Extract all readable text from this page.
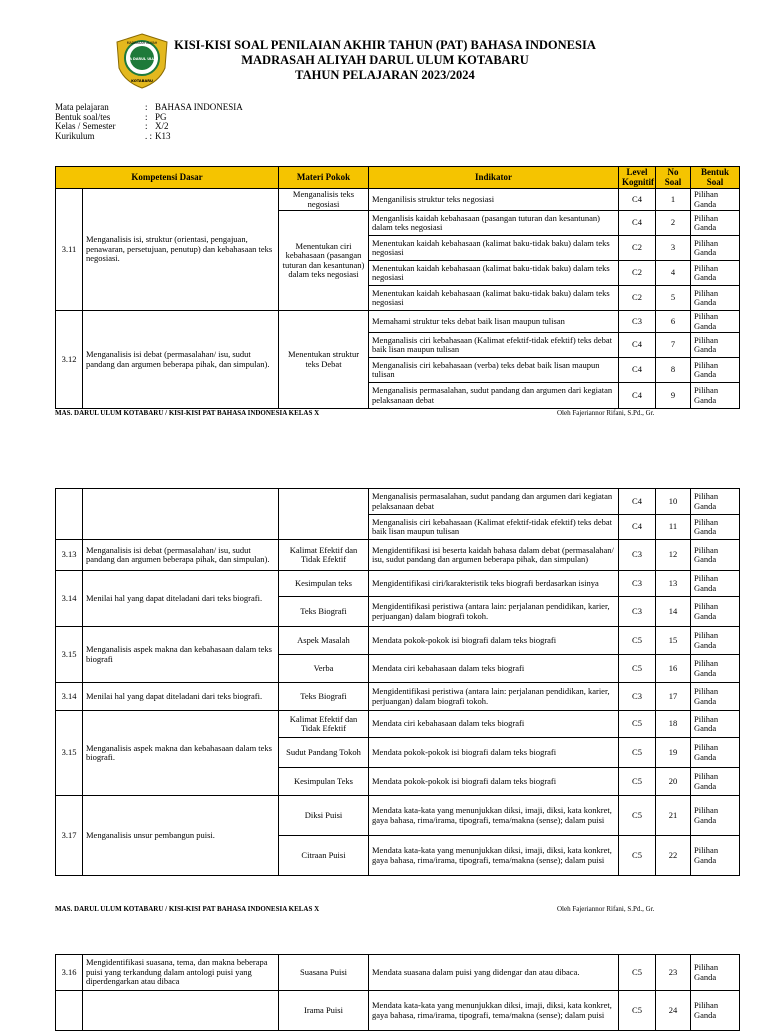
MADRASAH ALIYAH
MA DARUL ULUM
KOTABARU
KISI-KISI SOAL PENILAIAN AKHIR TAHUN (PAT) BAHASA INDONESIA
MADRASAH ALIYAH DARUL ULUM KOTABARU
TAHUN PELAJARAN 2023/2024
Mata pelajaran	: BAHASA INDONESIA
Bentuk soal/tes	: PG
Kelas / Semester	: X/2
Kurikulum	. : K13
Kompetensi Dasar		Materi Pokok	Indikator	Level Kognitif	No Soal	Bentuk Soal
3.11	Menganalisis isi, struktur (orientasi, pengajuan, penawaran, persetujuan, penutup) dan kebahasaan teks negosiasi.	Menganalisis teks negosiasi	Menganilisis struktur teks negosiasi	C4	1	Pilihan Ganda
		Menentukan ciri kebahasaan (pasangan tuturan dan kesantunan) dalam teks negosiasi	Menganlisis kaidah kebahasaan (pasangan tuturan dan kesantunan) dalam teks negosiasi	C4	2	Pilihan Ganda
			Menentukan kaidah kebahasaan (kalimat baku-tidak baku) dalam teks negosiasi	C2	3	Pilihan Ganda
			Menentukan kaidah kebahasaan (kalimat baku-tidak baku) dalam teks negosiasi	C2	4	Pilihan Ganda
			Menentukan kaidah kebahasaan (kalimat baku-tidak baku) dalam teks negosiasi	C2	5	Pilihan Ganda
3.12	Menganalisis isi debat (permasalahan/ isu, sudut pandang dan argumen beberapa pihak, dan simpulan).	Menentukan struktur teks Debat	Memahami struktur teks debat baik lisan maupun tulisan	C3	6	Pilihan Ganda
			Menganalisis ciri kebahasaan (Kalimat efektif-tidak efektif) teks debat baik lisan maupun tulisan	C4	7	Pilihan Ganda
			Menganalisis ciri kebahasaan (verba) teks debat baik lisan maupun tulisan	C4	8	Pilihan Ganda
			Menganalisis permasalahan, sudut pandang dan argumen dari kegiatan pelaksanaan debat	C4	9	Pilihan Ganda
MAS. DARUL ULUM KOTABARU / KISI-KISI PAT BAHASA INDONESIA KELAS X	Oleh Fajeriannor Rifani, S.Pd., Gr.
			Menganalisis permasalahan, sudut pandang dan argumen dari kegiatan pelaksanaan debat	C4	10	Pilihan Ganda
			Menganalisis ciri kebahasaan (Kalimat efektif-tidak efektif) teks debat baik lisan maupun tulisan	C4	11	Pilihan Ganda
3.13	Menganalisis isi debat (permasalahan/ isu, sudut pandang dan argumen beberapa pihak, dan simpulan).	Kalimat Efektif dan Tidak Efektif	Mengidentifikasi isi beserta kaidah bahasa dalam debat (permasalahan/ isu, sudut pandang dan argumen beberapa pihak, dan simpulan)	C3	12	Pilihan Ganda
3.14	Menilai hal yang dapat diteladani dari teks biografi.	Kesimpulan teks	Mengidentifikasi ciri/karakteristik teks biografi berdasarkan isinya	C3	13	Pilihan Ganda
		Teks Biografi	Mengidentifikasi peristiwa (antara lain: perjalanan pendidikan, karier, perjuangan) dalam biografi tokoh.	C3	14	Pilihan Ganda
3.15	Menganalisis aspek makna dan kebahasaan dalam teks biografi	Aspek Masalah	Mendata pokok-pokok isi biografi dalam teks biografi	C5	15	Pilihan Ganda
		Verba	Mendata ciri kebahasaan dalam teks biografi	C5	16	Pilihan Ganda
3.14	Menilai hal yang dapat diteladani dari teks biografi.	Teks Biografi	Mengidentifikasi peristiwa (antara lain: perjalanan pendidikan, karier, perjuangan) dalam biografi tokoh.	C3	17	Pilihan Ganda
3.15	Menganalisis aspek makna dan kebahasaan dalam teks biografi.	Kalimat Efektif dan Tidak Efektif	Mendata ciri kebahasaan dalam teks biografi	C5	18	Pilihan Ganda
		Sudut Pandang Tokoh	Mendata pokok-pokok isi biografi dalam teks biografi	C5	19	Pilihan Ganda
		Kesimpulan Teks	Mendata pokok-pokok isi biografi dalam teks biografi	C5	20	Pilihan Ganda
3.17	Menganalisis unsur pembangun puisi.	Diksi Puisi	Mendata kata-kata yang menunjukkan diksi, imaji, diksi, kata konkret, gaya bahasa, rima/irama, tipografi, tema/makna (sense); dalam puisi	C5	21	Pilihan Ganda
		Citraan Puisi	Mendata kata-kata yang menunjukkan diksi, imaji, diksi, kata konkret, gaya bahasa, rima/irama, tipografi, tema/makna (sense); dalam puisi	C5	22	Pilihan Ganda
MAS. DARUL ULUM KOTABARU / KISI-KISI PAT BAHASA INDONESIA KELAS X	Oleh Fajeriannor Rifani, S.Pd., Gr.
3.16	Mengidentifikasi suasana, tema, dan makna beberapa puisi yang terkandung dalam antologi puisi yang diperdengarkan atau dibaca	Suasana Puisi	Mendata suasana dalam puisi yang didengar dan atau dibaca.	C5	23	Pilihan Ganda
		Irama Puisi	Mendata kata-kata yang menunjukkan diksi, imaji, diksi, kata konkret, gaya bahasa, rima/irama, tipografi, tema/makna (sense); dalam puisi	C5	24	Pilihan Ganda
